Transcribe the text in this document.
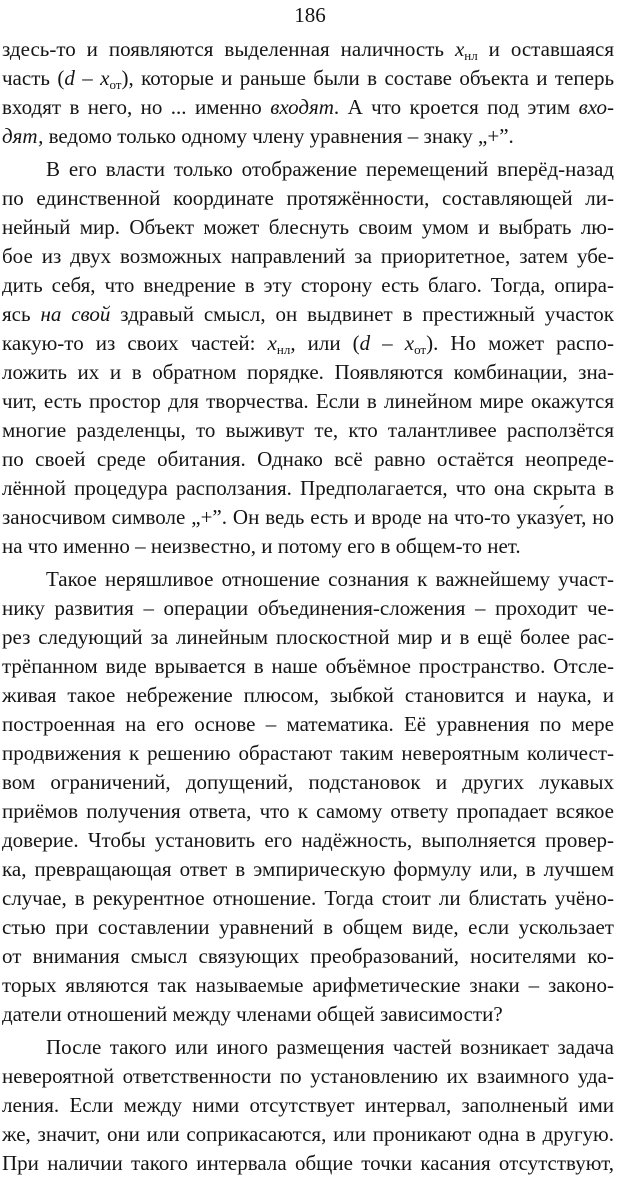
186
здесь-то и появляются выделенная наличность $x_{нл}$ и оставшаяся
часть $(d - x_{от})$, которые и раньше были в составе объекта и теперь
входят в него, но ... именно входят. А что кроется под этим вхо-
дят, ведомо только одному члену уравнения – знаку „+”.
В его власти только отображение перемещений вперёд-назад
по единственной координате протяжённости, составляющей ли-
нейный мир. Объект может блеснуть своим умом и выбрать лю-
бое из двух возможных направлений за приоритетное, затем убе-
дить себя, что внедрение в эту сторону есть благо. Тогда, опира-
ясь на свой здравый смысл, он выдвинет в престижный участок
какую-то из своих частей: $x_{нл}$, или $(d - x_{от})$. Но может распо-
ложить их и в обратном порядке. Появляются комбинации, зна-
чит, есть простор для творчества. Если в линейном мире окажутся
многие разделенцы, то выживут те, кто талантливее расползётся
по своей среде обитания. Однако всё равно остаётся неопреде-
лённой процедура расползания. Предполагается, что она скрыта в
заносчивом символе „+”. Он ведь есть и вроде на что-то указу́ет, но
на что именно – неизвестно, и потому его в общем-то нет.
Такое неряшливое отношение сознания к важнейшему участ-
нику развития – операции объединения-сложения – проходит че-
рез следующий за линейным плоскостной мир и в ещё более рас-
трёпанном виде врывается в наше объёмное пространство. Отсле-
живая такое небрежение плюсом, зыбкой становится и наука, и
построенная на его основе – математика. Её уравнения по мере
продвижения к решению обрастают таким невероятным количест-
вом ограничений, допущений, подстановок и других лукавых
приёмов получения ответа, что к самому ответу пропадает всякое
доверие. Чтобы установить его надёжность, выполняется провер-
ка, превращающая ответ в эмпирическую формулу или, в лучшем
случае, в рекурентное отношение. Тогда стоит ли блистать учёно-
стью при составлении уравнений в общем виде, если ускользает
от внимания смысл связующих преобразований, носителями ко-
торых являются так называемые арифметические знаки – законо-
датели отношений между членами общей зависимости?
После такого или иного размещения частей возникает задача
невероятной ответственности по установлению их взаимного уда-
ления. Если между ними отсутствует интервал, заполненый ими
же, значит, они или соприкасаются, или проникают одна в другую.
При наличии такого интервала общие точки касания отсутствуют,
